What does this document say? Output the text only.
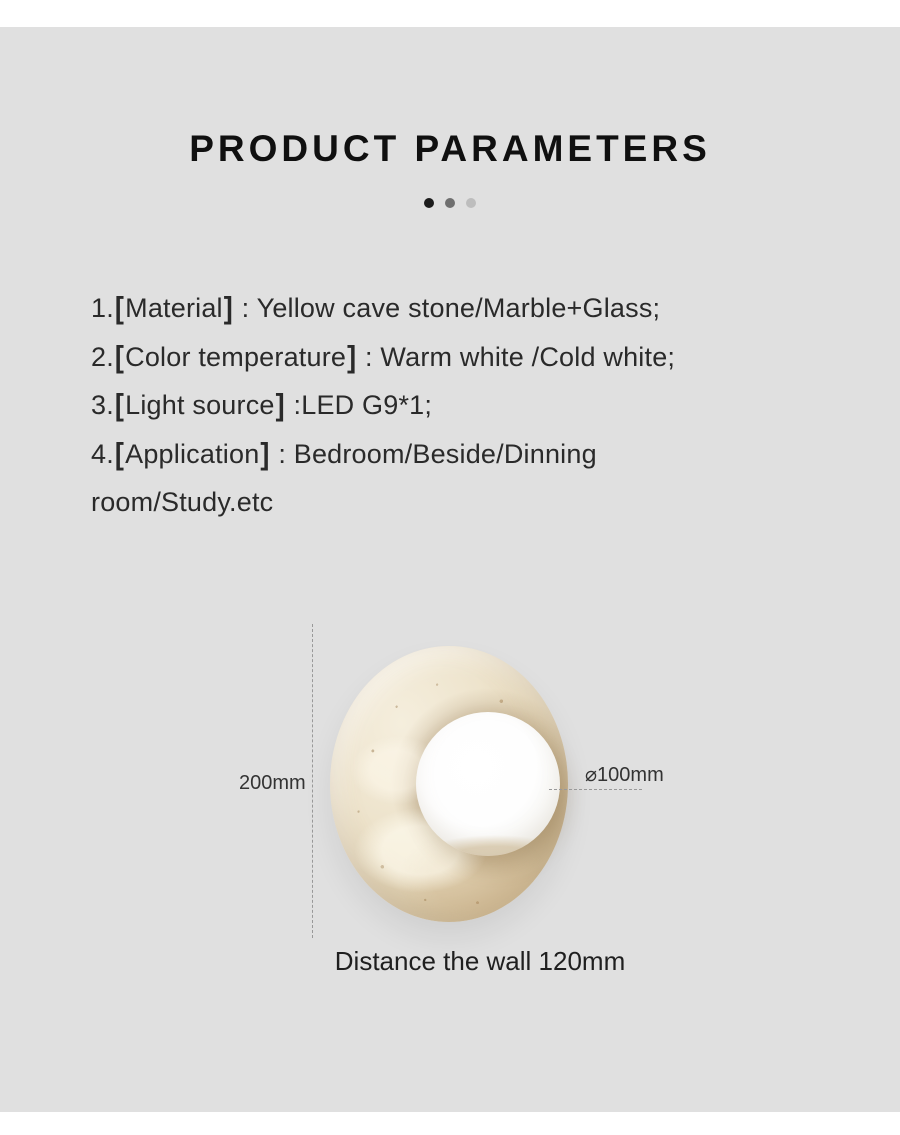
PRODUCT PARAMETERS
1.[Material] : Yellow cave stone/Marble+Glass;
2.[Color temperature] : Warm white /Cold white;
3.[Light source] :LED G9*1;
4.[Application] : Bedroom/Beside/Dinning
room/Study.etc
200mm	⌀100mm
Distance the wall 120mm
